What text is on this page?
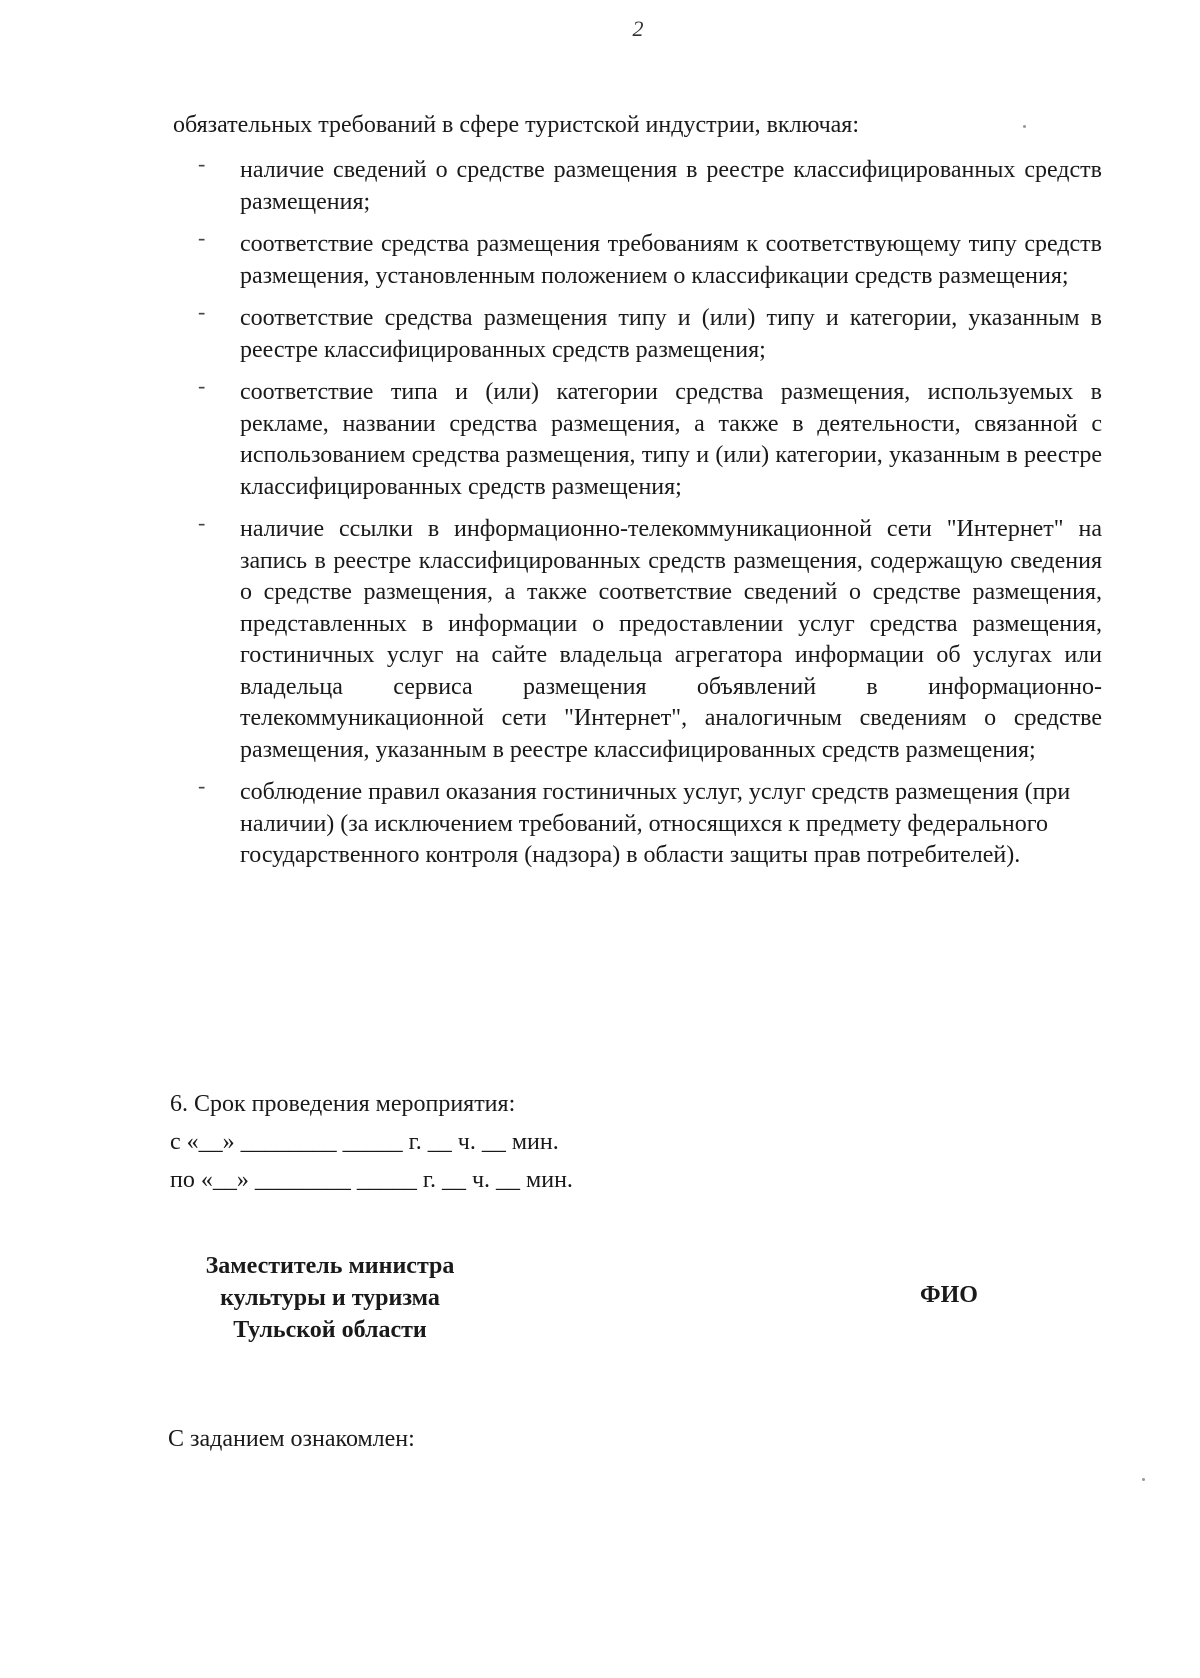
2
обязательных требований в сфере туристской индустрии, включая:
- наличие сведений о средстве размещения в реестре классифицированных средств размещения;
- соответствие средства размещения требованиям к соответствующему типу средств размещения, установленным положением о классификации средств размещения;
- соответствие средства размещения типу и (или) типу и категории, указанным в реестре классифицированных средств размещения;
- соответствие типа и (или) категории средства размещения, используемых в рекламе, названии средства размещения, а также в деятельности, связанной с использованием средства размещения, типу и (или) категории, указанным в реестре классифицированных средств размещения;
- наличие ссылки в информационно-телекоммуникационной сети "Интернет" на запись в реестре классифицированных средств размещения, содержащую сведения о средстве размещения, а также соответствие сведений о средстве размещения, представленных в информации о предоставлении услуг средства размещения, гостиничных услуг на сайте владельца агрегатора информации об услугах или владельца сервиса размещения объявлений в информационно-телекоммуникационной сети "Интернет", аналогичным сведениям о средстве размещения, указанным в реестре классифицированных средств размещения;
- соблюдение правил оказания гостиничных услуг, услуг средств размещения (при наличии) (за исключением требований, относящихся к предмету федерального государственного контроля (надзора) в области защиты прав потребителей).
6. Срок проведения мероприятия:
с «__» ________ _____ г. __ ч. __ мин.
по «__» ________ _____ г. __ ч. __ мин.
Заместитель министра
культуры и туризма
Тульской области
ФИО
С заданием ознакомлен:
